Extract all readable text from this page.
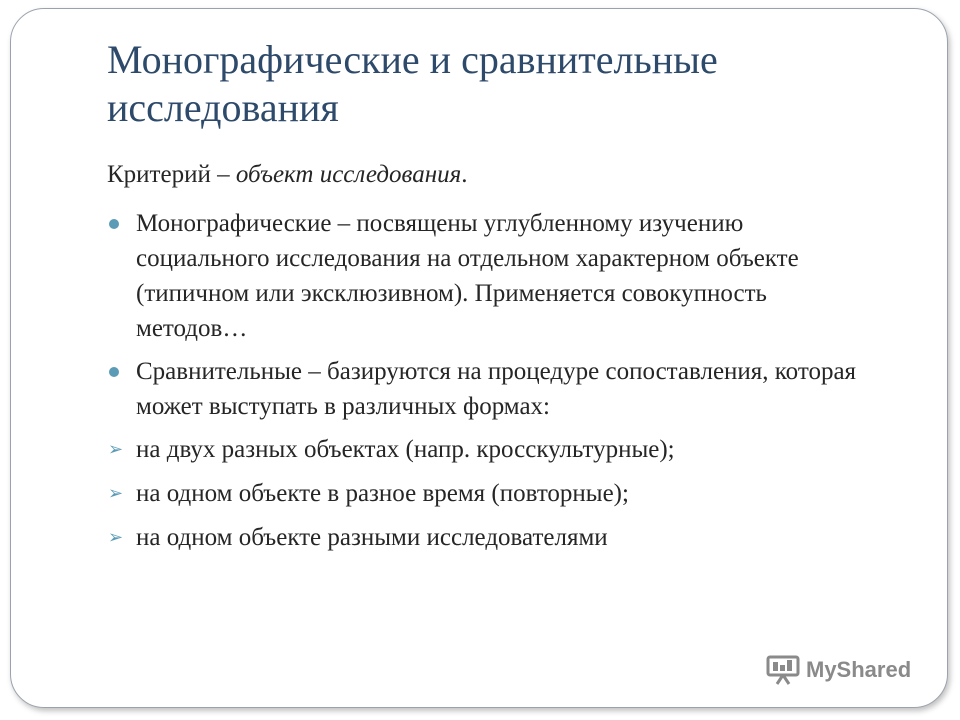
Монографические и сравнительные исследования

Критерий – объект исследования.

Монографические – посвящены углубленному изучению социального исследования на отдельном характерном объекте (типичном или эксклюзивном). Применяется совокупность методов…
Сравнительные – базируются на процедуре сопоставления, которая может выступать в различных формах:
➢ на двух разных объектах (напр. кросскультурные);
➢ на одном объекте в разное время (повторные);
➢ на одном объекте разными исследователями
MyShared
